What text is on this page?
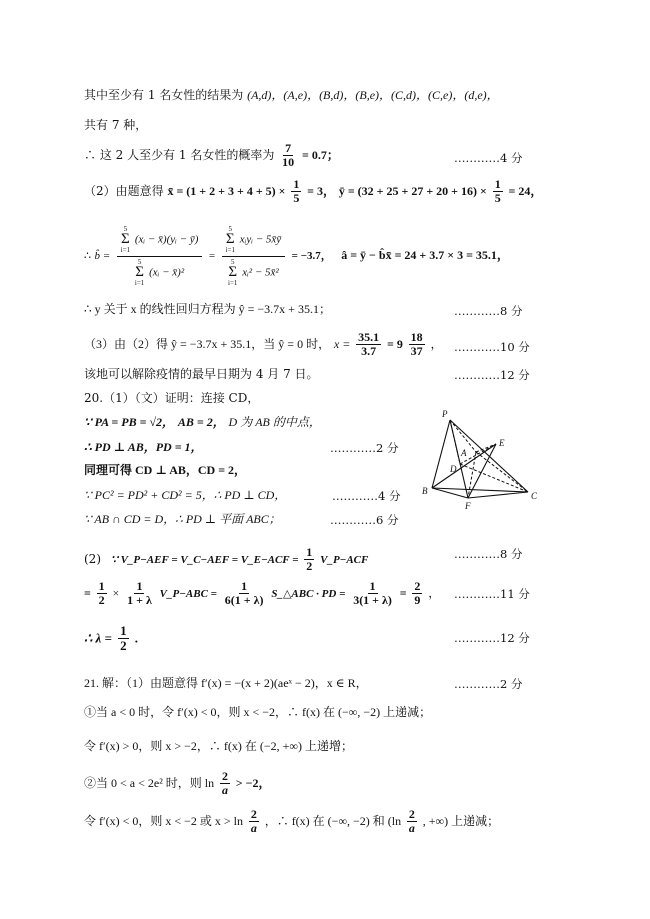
其中至少有 1 名女性的结果为 (A,d)，(A,e)，(B,d)，(B,e)，(C,d)，(C,e)，(d,e)，
共有 7 种，
∴ 这 2 人至少有 1 名女性的概率为 $\frac{7}{10} = 0.7$；	…………4 分
（2）由题意得 x̄ = $(1 + 2 + 3 + 4 + 5) \times \frac{1}{5} = 3$， ȳ = $(32 + 25 + 27 + 20 + 16) \times \frac{1}{5} = 24$，
∴ b̂ = 5
Σ
i=1
(xᵢ − x̄)(yᵢ − ȳ)
5
Σ
i=1
(xᵢ − x̄)² = 5
Σ
i=1
xᵢyᵢ − 5x̄ȳ
5
Σ
i=1
xᵢ² − 5x̄² = −3.7， â = ȳ − b̂x̄ = 24 + 3.7 × 3 = 35.1，
∴ y 关于 x 的线性回归方程为 ŷ = −3.7x + 35.1；	…………8 分
（3）由（2）得 ŷ = −3.7x + 35.1，当 ŷ = 0 时， $x = \frac{35.1}{3.7} = 9 \frac{18}{37}$ ， …………10 分
该地可以解除疫情的最早日期为 4 月 7 日。	…………12 分
20.（1）（文）证明：连接 CD，
∵ PA = PB = √2， AB = 2， D 为 AB 的中点，
∴ PD ⊥ AB，PD = 1，	…………2 分
同理可得 CD ⊥ AB，CD = 2，
∵ PC² = PD² + CD² = 5，∴ PD ⊥ CD，	…………4 分
∵ AB ∩ CD = D，∴ PD ⊥ 平面 ABC；	…………6 分
P
A
E
D
B
F
C
(2) ∵ V_P−AEF = V_C−AEF = V_E−ACF = $\frac{1}{2}$ V_P−ACF	…………8 分
= $\frac{1}{2} \times \frac{1}{1 + \lambda}$ V_P−ABC = $\frac{1}{6(1 + \lambda)}$ S_△ABC · PD = $\frac{1}{3(1 + \lambda)} = \frac{2}{9}$ ， …………11 分
∴ $\lambda = \frac{1}{2}$ .	…………12 分
21. 解：（1）由题意得 f′(x) = −(x + 2)(aeˣ − 2)，x ∈ R，	…………2 分
①当 a < 0 时，令 f′(x) < 0，则 x < −2，∴ f(x) 在 (−∞, −2) 上递减；
令 f′(x) > 0，则 x > −2，∴ f(x) 在 (−2, +∞) 上递增；
②当 0 < a < 2e² 时，则 $\ln \frac{2}{a} > -2$，
令 f′(x) < 0，则 x < −2 或 $x > \ln \frac{2}{a}$ ，∴ f(x) 在 (−∞, −2) 和 ($\ln \frac{2}{a}$ , +∞) 上递减；
